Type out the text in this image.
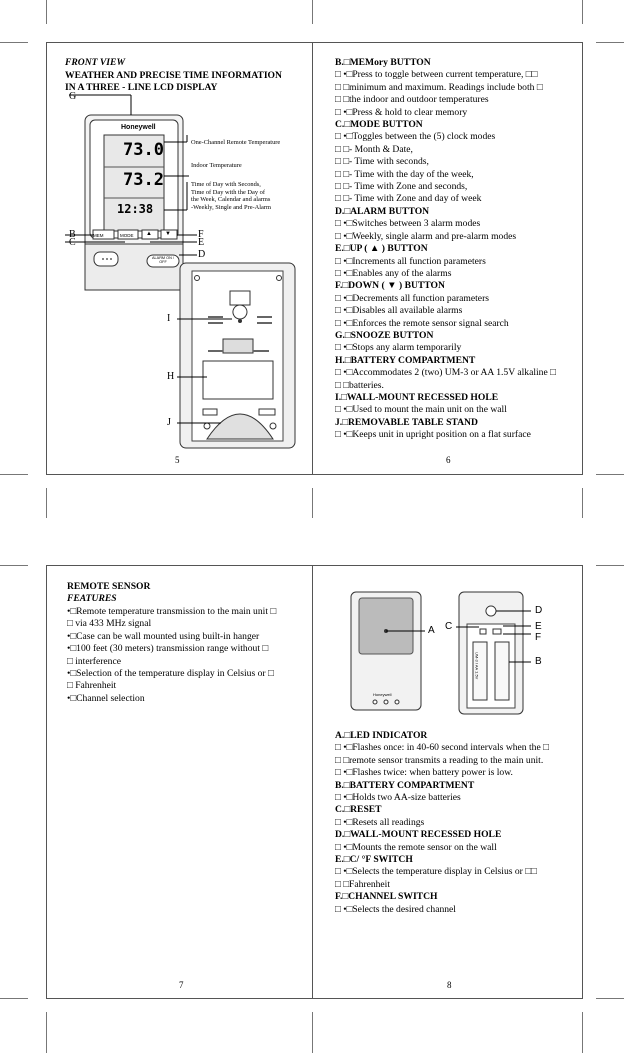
FRONT VIEW
WEATHER AND PRECISE TIME INFORMATION
IN A THREE - LINE LCD DISPLAY
Honeywell
73.0
73.2
12:38
MEM	MODE ▲ ▼
ALARM ON / OFF
One-Channel Remote Temperature
Indoor Temperature
Time of Day with Seconds, Time of Day with the Day of the Week, Calendar and alarms -Weekly, Single and Pre-Alarm
G
B
C
F
E
D
I
H
J
5
B.□MEMory BUTTON
□ •□Press to toggle between current temperature, □□
□ □minimum and maximum. Readings include both □
□ □the indoor and outdoor temperatures
□ •□Press & hold to clear memory
C.□MODE BUTTON
□ •□Toggles between the (5) clock modes
□ □- Month & Date,
□ □- Time with seconds,
□ □- Time with the day of the week,
□ □- Time with Zone and seconds,
□ □- Time with Zone and day of week
D.□ALARM BUTTON
□ •□Switches between 3 alarm modes
□ •□Weekly, single alarm and pre-alarm modes
E.□UP ( ▲ ) BUTTON
□ •□Increments all function parameters
□ •□Enables any of the alarms
F.□DOWN ( ▼ ) BUTTON
□ •□Decrements all function parameters
□ •□Disables all available alarms
□ •□Enforces the remote sensor signal search
G.□SNOOZE BUTTON
□ •□Stops any alarm temporarily
H.□BATTERY COMPARTMENT
□ •□Accommodates 2 (two) UM-3 or AA 1.5V alkaline □
□ □batteries.
I.□WALL-MOUNT RECESSED HOLE
□ •□Used to mount the main unit on the wall
J.□REMOVABLE TABLE STAND
□ •□Keeps unit in upright position on a flat surface
6
REMOTE SENSOR
FEATURES
•□Remote temperature transmission to the main unit □
□ via 433 MHz signal
•□Case can be wall mounted using built-in hanger
•□100 feet (30 meters) transmission range without □
□ interference
•□Selection of the temperature display in Celsius or □
□ Fahrenheit
•□Channel selection
7
A C
D
E
F
B
Honeywell
UM-3 / AA 1.5V
A.□LED INDICATOR
□ •□Flashes once: in 40-60 second intervals when the □
□ □remote sensor transmits a reading to the main unit.
□ •□Flashes twice: when battery power is low.
B.□BATTERY COMPARTMENT
□ •□Holds two AA-size batteries
C.□RESET
□ •□Resets all readings
D.□WALL-MOUNT RECESSED HOLE
□ •□Mounts the remote sensor on the wall
E.□C/ °F SWITCH
□ •□Selects the temperature display in Celsius or □□
□ □Fahrenheit
F.□CHANNEL SWITCH
□ •□Selects the desired channel
8
